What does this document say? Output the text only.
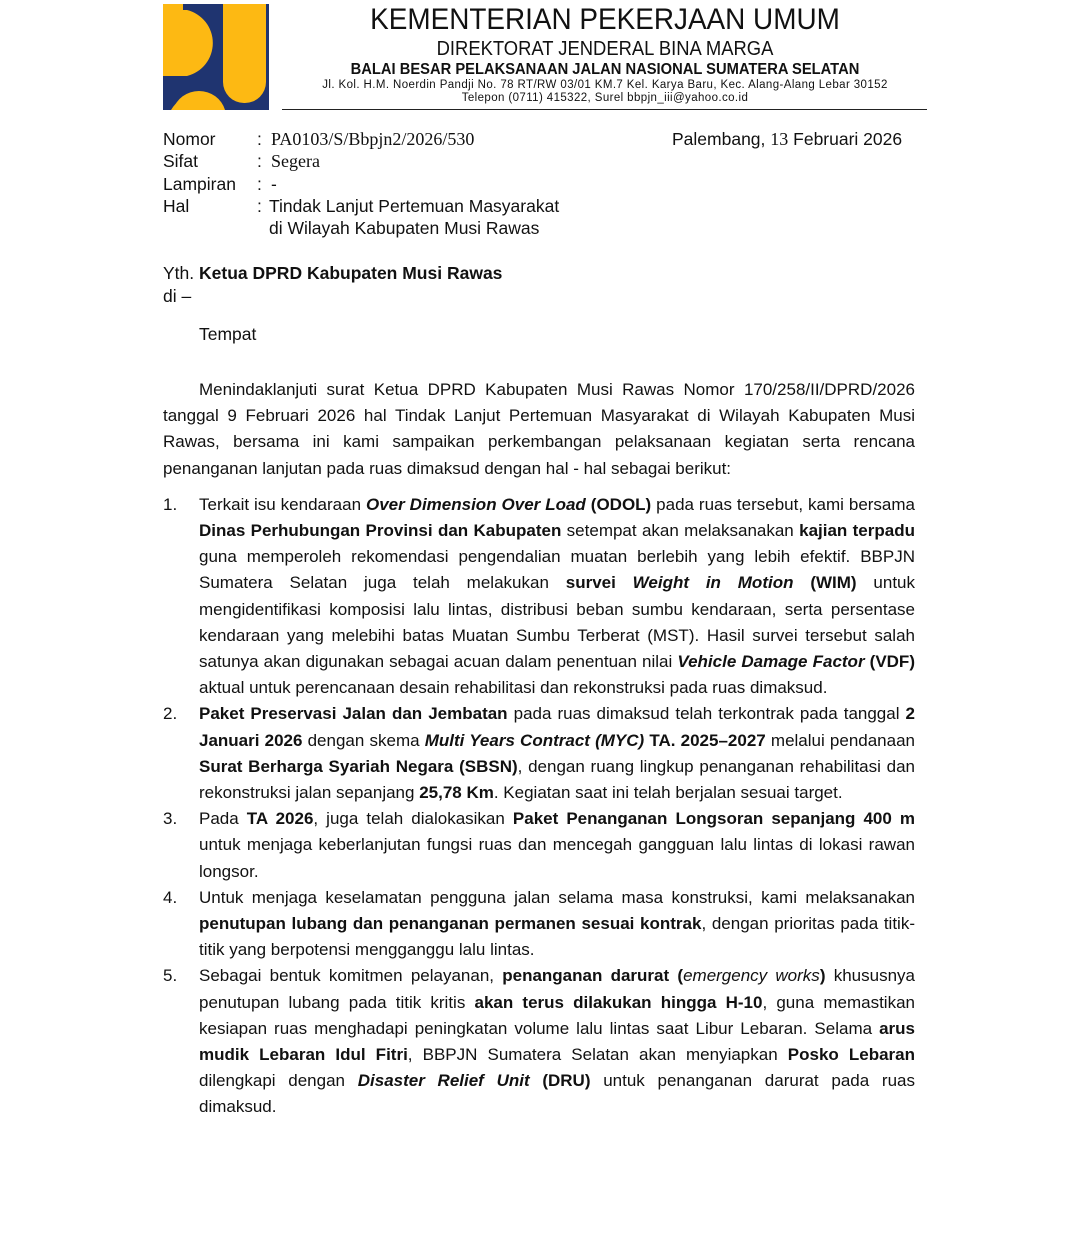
KEMENTERIAN PEKERJAAN UMUM
DIREKTORAT JENDERAL BINA MARGA
BALAI BESAR PELAKSANAAN JALAN NASIONAL SUMATERA SELATAN
Jl. Kol. H.M. Noerdin Pandji No. 78 RT/RW 03/01 KM.7 Kel. Karya Baru, Kec. Alang-Alang Lebar 30152
Telepon (0711) 415322, Surel bbpjn_iii@yahoo.co.id
Nomor : PA0103/S/Bbpjn2/2026/530
Sifat	: Segera
Lampiran : -
Hal	: Tindak Lanjut Pertemuan Masyarakat
di Wilayah Kabupaten Musi Rawas
Palembang, 13 Februari 2026
Yth. Ketua DPRD Kabupaten Musi Rawas
di –
Tempat

Menindaklanjuti surat Ketua DPRD Kabupaten Musi Rawas Nomor 170/258/II/DPRD/2026 tanggal 9 Februari 2026 hal Tindak Lanjut Pertemuan Masyarakat di Wilayah Kabupaten Musi Rawas, bersama ini kami sampaikan perkembangan pelaksanaan kegiatan serta rencana penanganan lanjutan pada ruas dimaksud dengan hal - hal sebagai berikut:

1. Terkait isu kendaraan Over Dimension Over Load (ODOL) pada ruas tersebut, kami bersama Dinas Perhubungan Provinsi dan Kabupaten setempat akan melaksanakan kajian terpadu guna memperoleh rekomendasi pengendalian muatan berlebih yang lebih efektif. BBPJN Sumatera Selatan juga telah melakukan survei Weight in Motion (WIM) untuk mengidentifikasi komposisi lalu lintas, distribusi beban sumbu kendaraan, serta persentase kendaraan yang melebihi batas Muatan Sumbu Terberat (MST). Hasil survei tersebut salah satunya akan digunakan sebagai acuan dalam penentuan nilai Vehicle Damage Factor (VDF) aktual untuk perencanaan desain rehabilitasi dan rekonstruksi pada ruas dimaksud.
2. Paket Preservasi Jalan dan Jembatan pada ruas dimaksud telah terkontrak pada tanggal 2 Januari 2026 dengan skema Multi Years Contract (MYC) TA. 2025–2027 melalui pendanaan Surat Berharga Syariah Negara (SBSN), dengan ruang lingkup penanganan rehabilitasi dan rekonstruksi jalan sepanjang 25,78 Km. Kegiatan saat ini telah berjalan sesuai target.
3. Pada TA 2026, juga telah dialokasikan Paket Penanganan Longsoran sepanjang 400 m untuk menjaga keberlanjutan fungsi ruas dan mencegah gangguan lalu lintas di lokasi rawan longsor.
4. Untuk menjaga keselamatan pengguna jalan selama masa konstruksi, kami melaksanakan penutupan lubang dan penanganan permanen sesuai kontrak, dengan prioritas pada titik-titik yang berpotensi mengganggu lalu lintas.
5. Sebagai bentuk komitmen pelayanan, penanganan darurat (emergency works) khususnya penutupan lubang pada titik kritis akan terus dilakukan hingga H-10, guna memastikan kesiapan ruas menghadapi peningkatan volume lalu lintas saat Libur Lebaran. Selama arus mudik Lebaran Idul Fitri, BBPJN Sumatera Selatan akan menyiapkan Posko Lebaran dilengkapi dengan Disaster Relief Unit (DRU) untuk penanganan darurat pada ruas dimaksud.
